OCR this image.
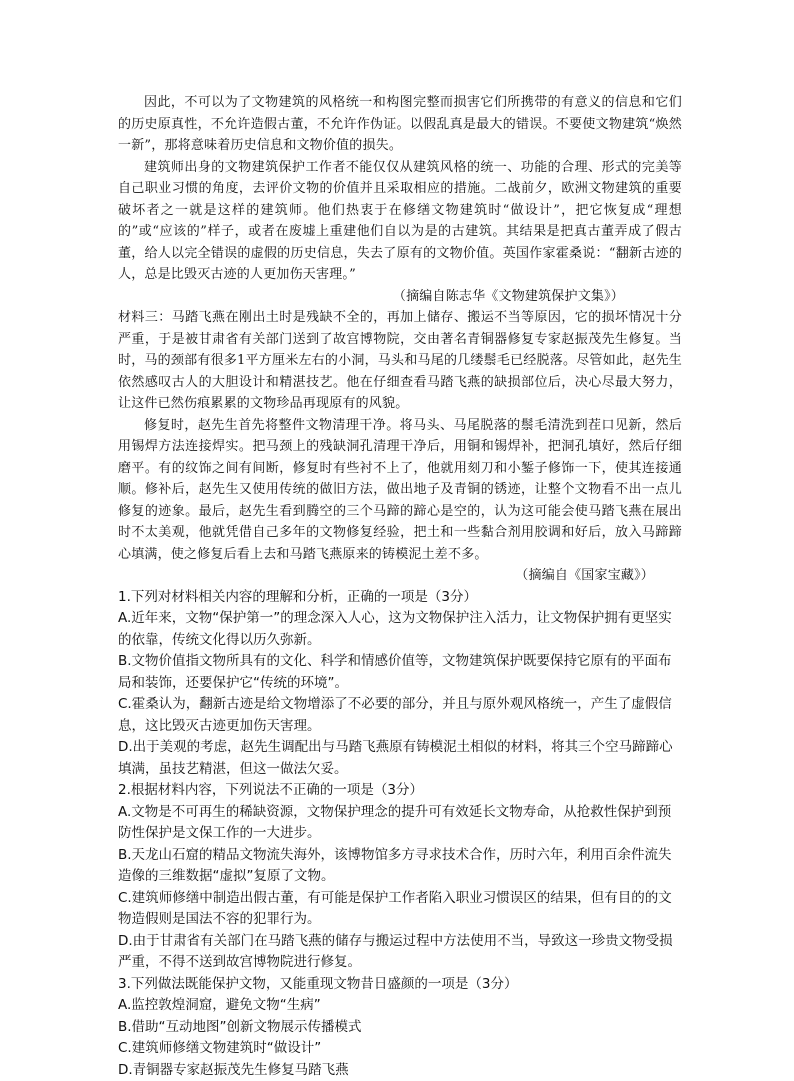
因此，不可以为了文物建筑的风格统一和构图完整而损害它们所携带的有意义的信息和它们的历史原真性，不允许造假古董，不允许作伪证。以假乱真是最大的错误。不要使文物建筑“焕然一新”，那将意味着历史信息和文物价值的损失。

建筑师出身的文物建筑保护工作者不能仅仅从建筑风格的统一、功能的合理、形式的完美等自己职业习惯的角度，去评价文物的价值并且采取相应的措施。二战前夕，欧洲文物建筑的重要破坏者之一就是这样的建筑师。他们热衷于在修缮文物建筑时“做设计”，把它恢复成“理想的”或“应该的”样子，或者在废墟上重建他们自以为是的古建筑。其结果是把真古董弄成了假古董，给人以完全错误的虚假的历史信息，失去了原有的文物价值。英国作家霍桑说：“翻新古迹的人，总是比毁灭古迹的人更加伤天害理。”

（摘编自陈志华《文物建筑保护文集》）

材料三：马踏飞燕在刚出土时是残缺不全的，再加上储存、搬运不当等原因，它的损坏情况十分严重，于是被甘肃省有关部门送到了故宫博物院，交由著名青铜器修复专家赵振茂先生修复。当时，马的颈部有很多1平方厘米左右的小洞，马头和马尾的几缕鬃毛已经脱落。尽管如此，赵先生依然感叹古人的大胆设计和精湛技艺。他在仔细查看马踏飞燕的缺损部位后，决心尽最大努力，让这件已然伤痕累累的文物珍品再现原有的风貌。

修复时，赵先生首先将整件文物清理干净。将马头、马尾脱落的鬃毛清洗到茬口见新，然后用锡焊方法连接焊实。把马颈上的残缺洞孔清理干净后，用铜和锡焊补，把洞孔填好，然后仔细磨平。有的纹饰之间有间断，修复时有些衬不上了，他就用刻刀和小錾子修饰一下，使其连接通顺。修补后，赵先生又使用传统的做旧方法，做出地子及青铜的锈迹，让整个文物看不出一点儿修复的迹象。最后，赵先生看到腾空的三个马蹄的蹄心是空的，认为这可能会使马踏飞燕在展出时不太美观，他就凭借自己多年的文物修复经验，把土和一些黏合剂用胶调和好后，放入马蹄蹄心填满，使之修复后看上去和马踏飞燕原来的铸模泥土差不多。

（摘编自《国家宝藏》）

1.下列对材料相关内容的理解和分析，正确的一项是（3分）

A.近年来，文物“保护第一”的理念深入人心，这为文物保护注入活力，让文物保护拥有更坚实的依靠，传统文化得以历久弥新。

B.文物价值指文物所具有的文化、科学和情感价值等，文物建筑保护既要保持它原有的平面布局和装饰，还要保护它“传统的环境”。

C.霍桑认为，翻新古迹是给文物增添了不必要的部分，并且与原外观风格统一，产生了虚假信息，这比毁灭古迹更加伤天害理。

D.出于美观的考虑，赵先生调配出与马踏飞燕原有铸模泥土相似的材料，将其三个空马蹄蹄心填满，虽技艺精湛，但这一做法欠妥。

2.根据材料内容，下列说法不正确的一项是（3分）

A.文物是不可再生的稀缺资源，文物保护理念的提升可有效延长文物寿命，从抢救性保护到预防性保护是文保工作的一大进步。

B.天龙山石窟的精品文物流失海外，该博物馆多方寻求技术合作，历时六年，利用百余件流失造像的三维数据“虚拟”复原了文物。

C.建筑师修缮中制造出假古董，有可能是保护工作者陷入职业习惯误区的结果，但有目的的文物造假则是国法不容的犯罪行为。

D.由于甘肃省有关部门在马踏飞燕的储存与搬运过程中方法使用不当，导致这一珍贵文物受损严重，不得不送到故宫博物院进行修复。

3.下列做法既能保护文物，又能重现文物昔日盛颜的一项是（3分）

A.监控敦煌洞窟，避免文物“生病”

B.借助“互动地图”创新文物展示传播模式

C.建筑师修缮文物建筑时“做设计”

D.青铜器专家赵振茂先生修复马踏飞燕
